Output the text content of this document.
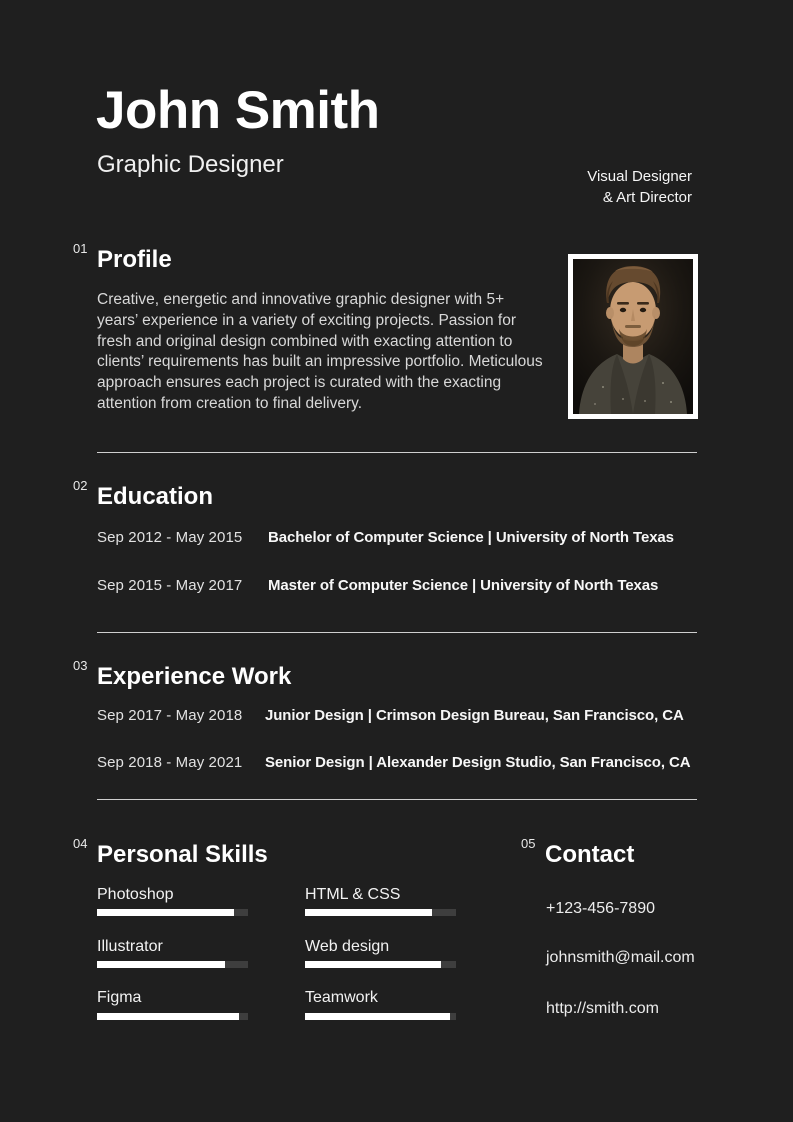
John Smith
Graphic Designer	Visual Designer
& Art Director
01 Profile

Creative, energetic and innovative graphic designer with 5+ years’ experience in a variety of exciting projects. Passion for fresh and original design combined with exacting attention to clients’ requirements has built an impressive portfolio. Meticulous approach ensures each project is curated with the exacting attention from creation to final delivery.

02 Education
Sep 2012 - May 2015 Bachelor of Computer Science | University of North Texas
Sep 2015 - May 2017 Master of Computer Science | University of North Texas
03 Experience Work
Sep 2017 - May 2018 Junior Design | Crimson Design Bureau, San Francisco, CA
Sep 2018 - May 2021 Senior Design | Alexander Design Studio, San Francisco, CA
04 Personal Skills
Photoshop
Illustrator
Figma
HTML & CSS
Web design
Teamwork
05 Contact
+123-456-7890
johnsmith@mail.com
http://smith.com
